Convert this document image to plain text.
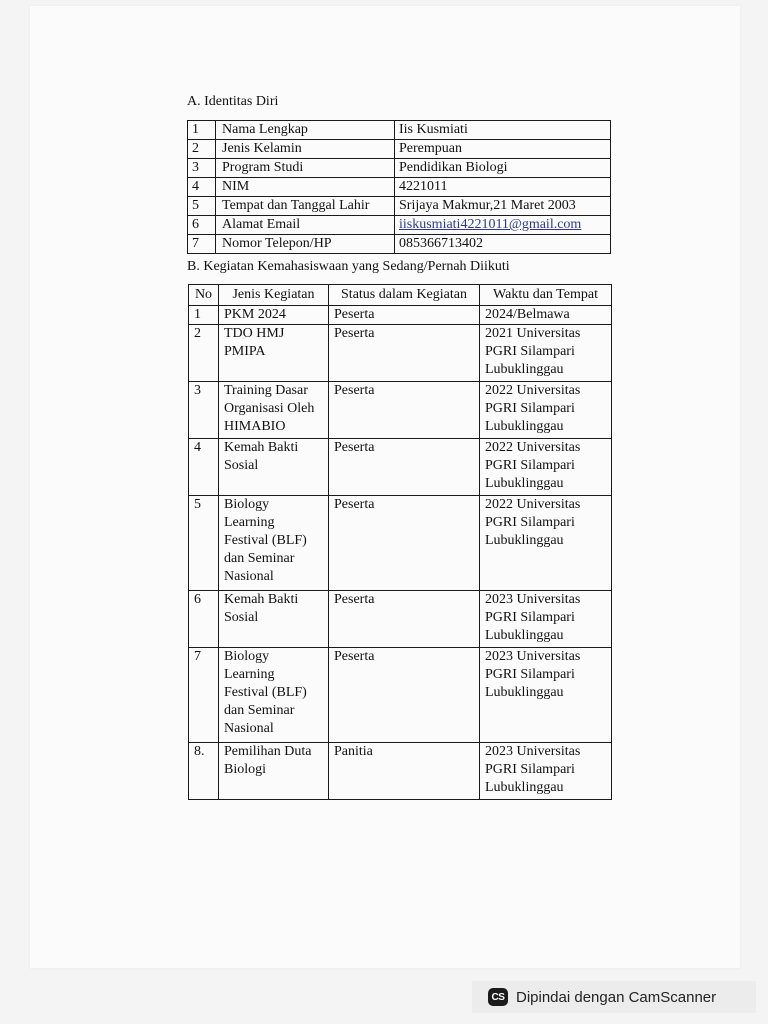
A. Identitas Diri
1	Nama Lengkap	Iis Kusmiati
2	Jenis Kelamin	Perempuan
3	Program Studi	Pendidikan Biologi
4	NIM	4221011
5	Tempat dan Tanggal Lahir	Srijaya Makmur,21 Maret 2003
6	Alamat Email	iiskusmiati4221011@gmail.com
7	Nomor Telepon/HP	085366713402
B. Kegiatan Kemahasiswaan yang Sedang/Pernah Diikuti
No	Jenis Kegiatan	Status dalam Kegiatan	Waktu dan Tempat

1	PKM 2024	Peserta	2024/Belmawa

2	TDO HMJ
PMIPA	Peserta	2021 Universitas
PGRI Silampari
Lubuklinggau

3	Training Dasar
Organisasi Oleh
HIMABIO	Peserta	2022 Universitas
PGRI Silampari
Lubuklinggau

4	Kemah Bakti
Sosial	Peserta	2022 Universitas
PGRI Silampari
Lubuklinggau

5	Biology
Learning
Festival (BLF)
dan Seminar
Nasional	Peserta	2022 Universitas
PGRI Silampari
Lubuklinggau

6	Kemah Bakti
Sosial	Peserta	2023 Universitas
PGRI Silampari
Lubuklinggau

7	Biology
Learning
Festival (BLF)
dan Seminar
Nasional	Peserta	2023 Universitas
PGRI Silampari
Lubuklinggau

8.	Pemilihan Duta
Biologi	Panitia	2023 Universitas
PGRI Silampari
Lubuklinggau
CS Dipindai dengan CamScanner
